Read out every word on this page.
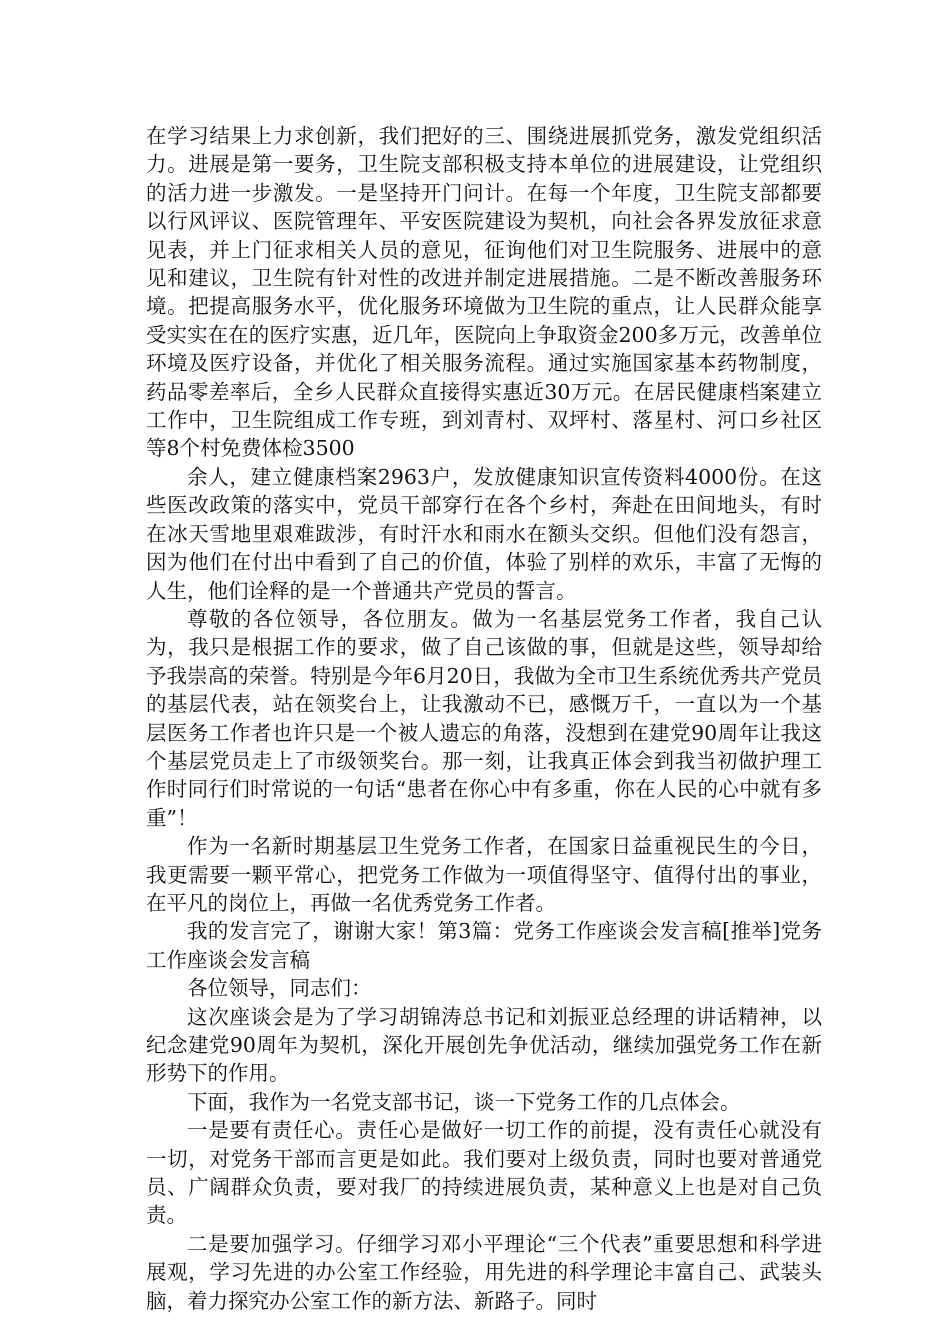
在学习结果上力求创新，我们把好的三、围绕进展抓党务，激发党组织活力。进展是第一要务，卫生院支部积极支持本单位的进展建设，让党组织的活力进一步激发。一是坚持开门问计。在每一个年度，卫生院支部都要以行风评议、医院管理年、平安医院建设为契机，向社会各界发放征求意见表，并上门征求相关人员的意见，征询他们对卫生院服务、进展中的意见和建议，卫生院有针对性的改进并制定进展措施。二是不断改善服务环境。把提高服务水平，优化服务环境做为卫生院的重点，让人民群众能享受实实在在的医疗实惠，近几年，医院向上争取资金200多万元，改善单位环境及医疗设备，并优化了相关服务流程。通过实施国家基本药物制度，药品零差率后，全乡人民群众直接得实惠近30万元。在居民健康档案建立工作中，卫生院组成工作专班，到刘青村、双坪村、落星村、河口乡社区等8个村免费体检3500

余人，建立健康档案2963户，发放健康知识宣传资料4000份。在这些医改政策的落实中，党员干部穿行在各个乡村，奔赴在田间地头，有时在冰天雪地里艰难跋涉，有时汗水和雨水在额头交织。但他们没有怨言，因为他们在付出中看到了自己的价值，体验了别样的欢乐，丰富了无悔的人生，他们诠释的是一个普通共产党员的誓言。

尊敬的各位领导，各位朋友。做为一名基层党务工作者，我自己认为，我只是根据工作的要求，做了自己该做的事，但就是这些，领导却给予我崇高的荣誉。特别是今年6月20日，我做为全市卫生系统优秀共产党员的基层代表，站在领奖台上，让我激动不已，感慨万千，一直以为一个基层医务工作者也许只是一个被人遗忘的角落，没想到在建党90周年让我这个基层党员走上了市级领奖台。那一刻，让我真正体会到我当初做护理工作时同行们时常说的一句话“患者在你心中有多重，你在人民的心中就有多重”！

作为一名新时期基层卫生党务工作者，在国家日益重视民生的今日，我更需要一颗平常心，把党务工作做为一项值得坚守、值得付出的事业，在平凡的岗位上，再做一名优秀党务工作者。

我的发言完了，谢谢大家！第3篇：党务工作座谈会发言稿[推举]党务工作座谈会发言稿

各位领导，同志们：

这次座谈会是为了学习胡锦涛总书记和刘振亚总经理的讲话精神，以纪念建党90周年为契机，深化开展创先争优活动，继续加强党务工作在新形势下的作用。

下面，我作为一名党支部书记，谈一下党务工作的几点体会。

一是要有责任心。责任心是做好一切工作的前提，没有责任心就没有一切，对党务干部而言更是如此。我们要对上级负责，同时也要对普通党员、广阔群众负责，要对我厂的持续进展负责，某种意义上也是对自己负责。

二是要加强学习。仔细学习邓小平理论“三个代表”重要思想和科学进展观，学习先进的办公室工作经验，用先进的科学理论丰富自己、武装头脑，着力探究办公室工作的新方法、新路子。同时
